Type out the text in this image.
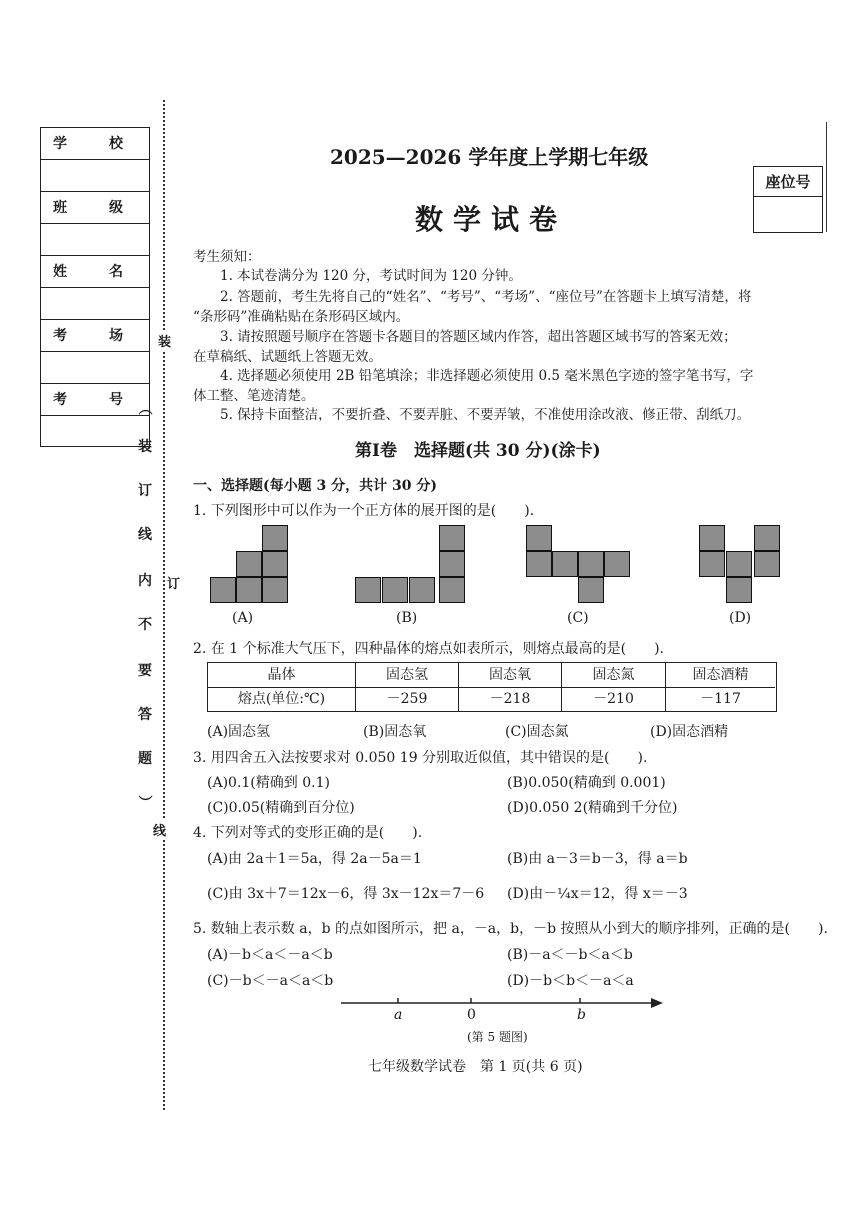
学　校
班　级
姓　名
考　场
考　号
装
订
线
（
装
订
线
内
不
要
答
题
）
座位号
2025—2026 学年度上学期七年级
数学试卷
考生须知：
1. 本试卷满分为 120 分，考试时间为 120 分钟。
2. 答题前，考生先将自己的“姓名”、“考号”、“考场”、“座位号”在答题卡上填写清楚，将
“条形码”准确粘贴在条形码区域内。
3. 请按照题号顺序在答题卡各题目的答题区域内作答，超出答题区域书写的答案无效；
在草稿纸、试题纸上答题无效。
4. 选择题必须使用 2B 铅笔填涂；非选择题必须使用 0.5 毫米黑色字迹的签字笔书写，字
体工整、笔迹清楚。
5. 保持卡面整洁，不要折叠、不要弄脏、不要弄皱，不准使用涂改液、修正带、刮纸刀。
第Ⅰ卷　选择题(共 30 分)(涂卡)
一、选择题(每小题 3 分，共计 30 分)
1. 下列图形中可以作为一个正方体的展开图的是(　　).
(A)	(B)	(C)	(D)
2. 在 1 个标准大气压下，四种晶体的熔点如表所示，则熔点最高的是(　　).
晶体	固态氢	固态氧	固态氮	固态酒精
熔点(单位:℃)	－259	－218	－210	－117
(A)固态氢	(B)固态氧	(C)固态氮	(D)固态酒精
3. 用四舍五入法按要求对 0.050 19 分别取近似值，其中错误的是(　　).
(A)0.1(精确到 0.1)	(B)0.050(精确到 0.001)
(C)0.05(精确到百分位)	(D)0.050 2(精确到千分位)
4. 下列对等式的变形正确的是(　　).
(A)由 2a＋1＝5a，得 2a－5a＝1	(B)由 a－3＝b－3，得 a＝b
(C)由 3x＋7＝12x－6，得 3x－12x＝7－6 (D)由－¼x＝12，得 x＝－3
5. 数轴上表示数 a，b 的点如图所示，把 a，－a，b，－b 按照从小到大的顺序排列，正确的是(　　).
(A)－b＜a＜－a＜b	(B)－a＜－b＜a＜b
(C)－b＜－a＜a＜b	(D)－b＜b＜－a＜a
a	0	b
(第 5 题图)
七年级数学试卷　第 1 页(共 6 页)
